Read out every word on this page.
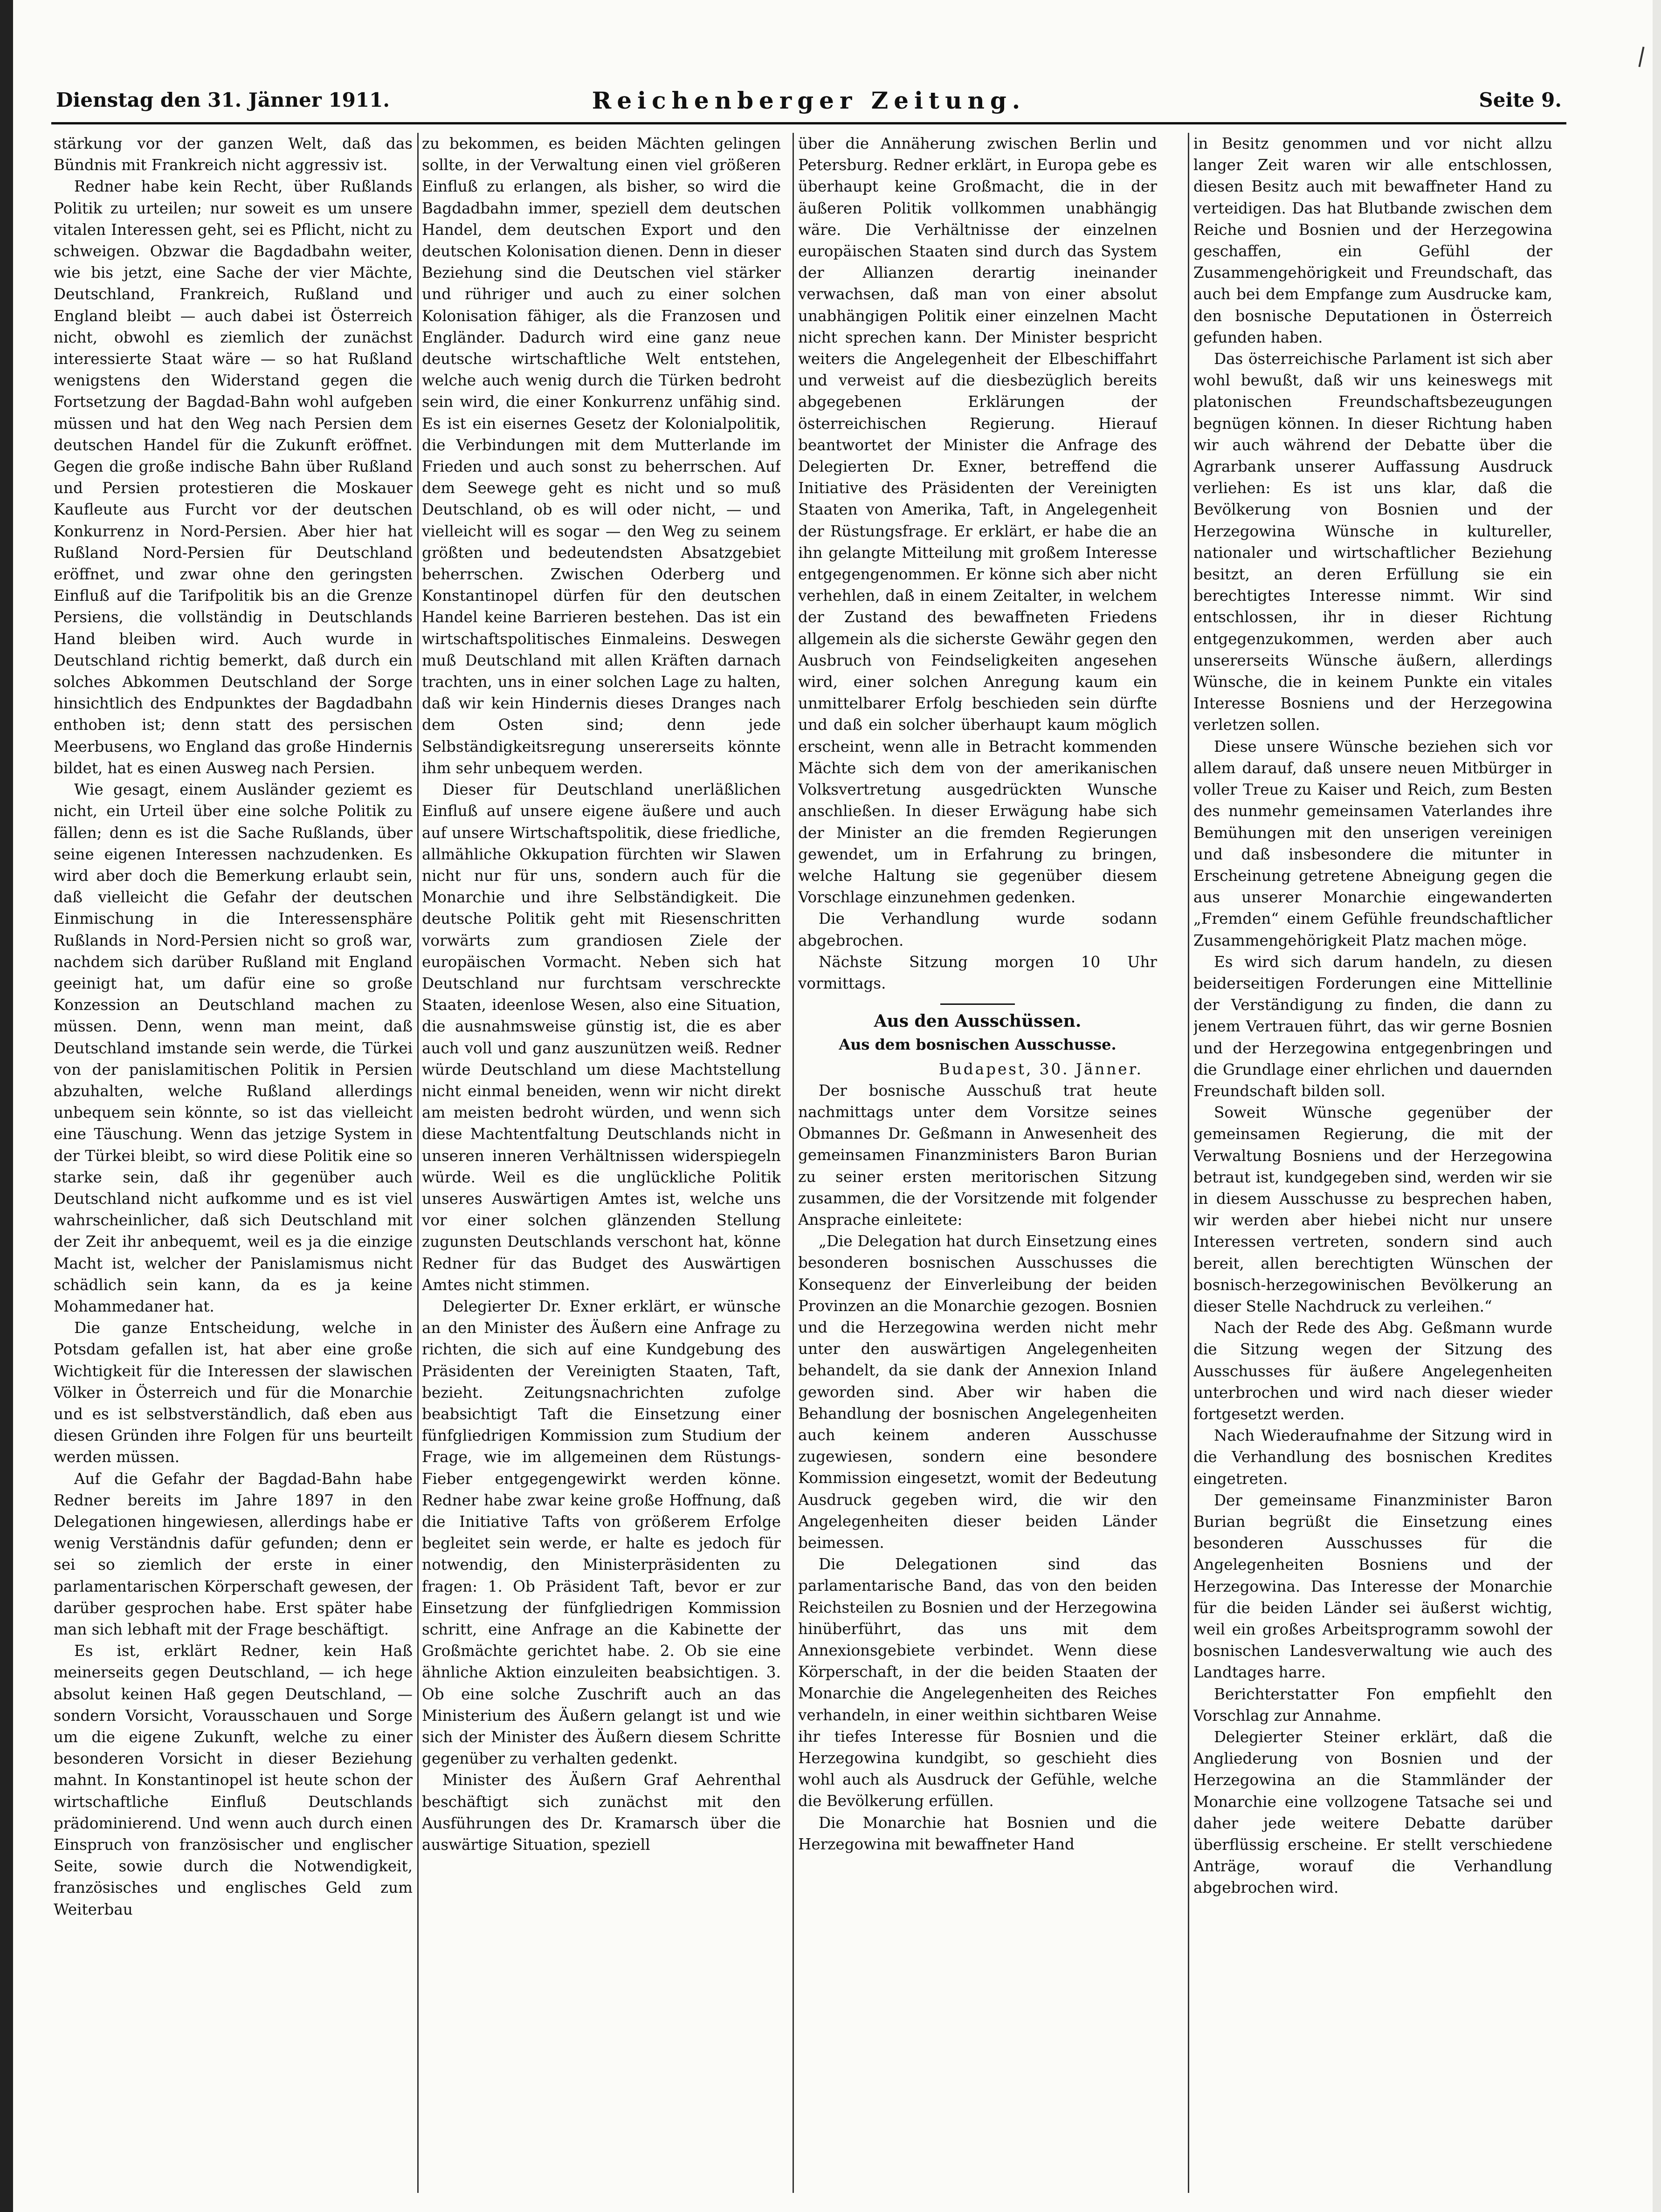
Dienstag den 31. Jänner 1911.	Reichenberger Zeitung.	Seite 9.

stärkung vor der ganzen Welt, daß das Bündnis mit Frankreich nicht aggressiv ist.

Redner habe kein Recht, über Rußlands Politik zu urteilen; nur soweit es um unsere vitalen Interessen geht, sei es Pflicht, nicht zu schweigen. Obzwar die Bagdadbahn weiter, wie bis jetzt, eine Sache der vier Mächte, Deutschland, Frankreich, Rußland und England bleibt — auch dabei ist Österreich nicht, obwohl es ziemlich der zunächst interessierte Staat wäre — so hat Rußland wenigstens den Widerstand gegen die Fortsetzung der Bagdad-Bahn wohl aufgeben müssen und hat den Weg nach Persien dem deutschen Handel für die Zukunft eröffnet. Gegen die große indische Bahn über Rußland und Persien protestieren die Moskauer Kaufleute aus Furcht vor der deutschen Konkurrenz in Nord-Persien. Aber hier hat Rußland Nord-Persien für Deutschland eröffnet, und zwar ohne den geringsten Einfluß auf die Tarifpolitik bis an die Grenze Persiens, die vollständig in Deutschlands Hand bleiben wird. Auch wurde in Deutschland richtig bemerkt, daß durch ein solches Abkommen Deutschland der Sorge hinsichtlich des Endpunktes der Bagdadbahn enthoben ist; denn statt des persischen Meerbusens, wo England das große Hindernis bildet, hat es einen Ausweg nach Persien.

Wie gesagt, einem Ausländer geziemt es nicht, ein Urteil über eine solche Politik zu fällen; denn es ist die Sache Rußlands, über seine eigenen Interessen nachzudenken. Es wird aber doch die Bemerkung erlaubt sein, daß vielleicht die Gefahr der deutschen Einmischung in die Interessensphäre Rußlands in Nord-Persien nicht so groß war, nachdem sich darüber Rußland mit England geeinigt hat, um dafür eine so große Konzession an Deutschland machen zu müssen. Denn, wenn man meint, daß Deutschland imstande sein werde, die Türkei von der panislamitischen Politik in Persien abzuhalten, welche Rußland allerdings unbequem sein könnte, so ist das vielleicht eine Täuschung. Wenn das jetzige System in der Türkei bleibt, so wird diese Politik eine so starke sein, daß ihr gegenüber auch Deutschland nicht aufkomme und es ist viel wahrscheinlicher, daß sich Deutschland mit der Zeit ihr anbequemt, weil es ja die einzige Macht ist, welcher der Panislamismus nicht schädlich sein kann, da es ja keine Mohammedaner hat.

Die ganze Entscheidung, welche in Potsdam gefallen ist, hat aber eine große Wichtigkeit für die Interessen der slawischen Völker in Österreich und für die Monarchie und es ist selbstverständlich, daß eben aus diesen Gründen ihre Folgen für uns beurteilt werden müssen.

Auf die Gefahr der Bagdad-Bahn habe Redner bereits im Jahre 1897 in den Delegationen hingewiesen, allerdings habe er wenig Verständnis dafür gefunden; denn er sei so ziemlich der erste in einer parlamentarischen Körperschaft gewesen, der darüber gesprochen habe. Erst später habe man sich lebhaft mit der Frage beschäftigt.

Es ist, erklärt Redner, kein Haß meinerseits gegen Deutschland, — ich hege absolut keinen Haß gegen Deutschland, — sondern Vorsicht, Vorausschauen und Sorge um die eigene Zukunft, welche zu einer besonderen Vorsicht in dieser Beziehung mahnt. In Konstantinopel ist heute schon der wirtschaftliche Einfluß Deutschlands prädominierend. Und wenn auch durch einen Einspruch von französischer und englischer Seite, sowie durch die Notwendigkeit, französisches und englisches Geld zum Weiterbau

zu bekommen, es beiden Mächten gelingen sollte, in der Verwaltung einen viel größeren Einfluß zu erlangen, als bisher, so wird die Bagdadbahn immer, speziell dem deutschen Handel, dem deutschen Export und den deutschen Kolonisation dienen. Denn in dieser Beziehung sind die Deutschen viel stärker und rühriger und auch zu einer solchen Kolonisation fähiger, als die Franzosen und Engländer. Dadurch wird eine ganz neue deutsche wirtschaftliche Welt entstehen, welche auch wenig durch die Türken bedroht sein wird, die einer Konkurrenz unfähig sind. Es ist ein eisernes Gesetz der Kolonialpolitik, die Verbindungen mit dem Mutterlande im Frieden und auch sonst zu beherrschen. Auf dem Seewege geht es nicht und so muß Deutschland, ob es will oder nicht, — und vielleicht will es sogar — den Weg zu seinem größten und bedeutendsten Absatzgebiet beherrschen. Zwischen Oderberg und Konstantinopel dürfen für den deutschen Handel keine Barrieren bestehen. Das ist ein wirtschaftspolitisches Einmaleins. Deswegen muß Deutschland mit allen Kräften darnach trachten, uns in einer solchen Lage zu halten, daß wir kein Hindernis dieses Dranges nach dem Osten sind; denn jede Selbständigkeitsregung unsererseits könnte ihm sehr unbequem werden.

Dieser für Deutschland unerläßlichen Einfluß auf unsere eigene äußere und auch auf unsere Wirtschaftspolitik, diese friedliche, allmähliche Okkupation fürchten wir Slawen nicht nur für uns, sondern auch für die Monarchie und ihre Selbständigkeit. Die deutsche Politik geht mit Riesenschritten vorwärts zum grandiosen Ziele der europäischen Vormacht. Neben sich hat Deutschland nur furchtsam verschreckte Staaten, ideenlose Wesen, also eine Situation, die ausnahmsweise günstig ist, die es aber auch voll und ganz auszunützen weiß. Redner würde Deutschland um diese Machtstellung nicht einmal beneiden, wenn wir nicht direkt am meisten bedroht würden, und wenn sich diese Machtentfaltung Deutschlands nicht in unseren inneren Verhältnissen widerspiegeln würde. Weil es die unglückliche Politik unseres Auswärtigen Amtes ist, welche uns vor einer solchen glänzenden Stellung zugunsten Deutschlands verschont hat, könne Redner für das Budget des Auswärtigen Amtes nicht stimmen.

Delegierter Dr. Exner erklärt, er wünsche an den Minister des Äußern eine Anfrage zu richten, die sich auf eine Kundgebung des Präsidenten der Vereinigten Staaten, Taft, bezieht. Zeitungsnachrichten zufolge beabsichtigt Taft die Einsetzung einer fünfgliedrigen Kommission zum Studium der Frage, wie im allgemeinen dem Rüstungs-Fieber entgegengewirkt werden könne. Redner habe zwar keine große Hoffnung, daß die Initiative Tafts von größerem Erfolge begleitet sein werde, er halte es jedoch für notwendig, den Ministerpräsidenten zu fragen: 1. Ob Präsident Taft, bevor er zur Einsetzung der fünfgliedrigen Kommission schritt, eine Anfrage an die Kabinette der Großmächte gerichtet habe. 2. Ob sie eine ähnliche Aktion einzuleiten beabsichtigen. 3. Ob eine solche Zuschrift auch an das Ministerium des Äußern gelangt ist und wie sich der Minister des Äußern diesem Schritte gegenüber zu verhalten gedenkt.

Minister des Äußern Graf Aehrenthal beschäftigt sich zunächst mit den Ausführungen des Dr. Kramarsch über die auswärtige Situation, speziell

über die Annäherung zwischen Berlin und Petersburg. Redner erklärt, in Europa gebe es überhaupt keine Großmacht, die in der äußeren Politik vollkommen unabhängig wäre. Die Verhältnisse der einzelnen europäischen Staaten sind durch das System der Allianzen derartig ineinander verwachsen, daß man von einer absolut unabhängigen Politik einer einzelnen Macht nicht sprechen kann. Der Minister bespricht weiters die Angelegenheit der Elbeschiffahrt und verweist auf die diesbezüglich bereits abgegebenen Erklärungen der österreichischen Regierung. Hierauf beantwortet der Minister die Anfrage des Delegierten Dr. Exner, betreffend die Initiative des Präsidenten der Vereinigten Staaten von Amerika, Taft, in Angelegenheit der Rüstungsfrage. Er erklärt, er habe die an ihn gelangte Mitteilung mit großem Interesse entgegengenommen. Er könne sich aber nicht verhehlen, daß in einem Zeitalter, in welchem der Zustand des bewaffneten Friedens allgemein als die sicherste Gewähr gegen den Ausbruch von Feindseligkeiten angesehen wird, einer solchen Anregung kaum ein unmittelbarer Erfolg beschieden sein dürfte und daß ein solcher überhaupt kaum möglich erscheint, wenn alle in Betracht kommenden Mächte sich dem von der amerikanischen Volksvertretung ausgedrückten Wunsche anschließen. In dieser Erwägung habe sich der Minister an die fremden Regierungen gewendet, um in Erfahrung zu bringen, welche Haltung sie gegenüber diesem Vorschlage einzunehmen gedenken.

Die Verhandlung wurde sodann abgebrochen.

Nächste Sitzung morgen 10 Uhr vormittags.

Aus den Ausschüssen.
Aus dem bosnischen Ausschusse.
Budapest, 30. Jänner.

Der bosnische Ausschuß trat heute nachmittags unter dem Vorsitze seines Obmannes Dr. Geßmann in Anwesenheit des gemeinsamen Finanzministers Baron Burian zu seiner ersten meritorischen Sitzung zusammen, die der Vorsitzende mit folgender Ansprache einleitete:

„Die Delegation hat durch Einsetzung eines besonderen bosnischen Ausschusses die Konsequenz der Einverleibung der beiden Provinzen an die Monarchie gezogen. Bosnien und die Herzegowina werden nicht mehr unter den auswärtigen Angelegenheiten behandelt, da sie dank der Annexion Inland geworden sind. Aber wir haben die Behandlung der bosnischen Angelegenheiten auch keinem anderen Ausschusse zugewiesen, sondern eine besondere Kommission eingesetzt, womit der Bedeutung Ausdruck gegeben wird, die wir den Angelegenheiten dieser beiden Länder beimessen.

Die Delegationen sind das parlamentarische Band, das von den beiden Reichsteilen zu Bosnien und der Herzegowina hinüberführt, das uns mit dem Annexionsgebiete verbindet. Wenn diese Körperschaft, in der die beiden Staaten der Monarchie die Angelegenheiten des Reiches verhandeln, in einer weithin sichtbaren Weise ihr tiefes Interesse für Bosnien und die Herzegowina kundgibt, so geschieht dies wohl auch als Ausdruck der Gefühle, welche die Bevölkerung erfüllen.

Die Monarchie hat Bosnien und die Herzegowina mit bewaffneter Hand

in Besitz genommen und vor nicht allzu langer Zeit waren wir alle entschlossen, diesen Besitz auch mit bewaffneter Hand zu verteidigen. Das hat Blutbande zwischen dem Reiche und Bosnien und der Herzegowina geschaffen, ein Gefühl der Zusammengehörigkeit und Freundschaft, das auch bei dem Empfange zum Ausdrucke kam, den bosnische Deputationen in Österreich gefunden haben.

Das österreichische Parlament ist sich aber wohl bewußt, daß wir uns keineswegs mit platonischen Freundschaftsbezeugungen begnügen können. In dieser Richtung haben wir auch während der Debatte über die Agrarbank unserer Auffassung Ausdruck verliehen: Es ist uns klar, daß die Bevölkerung von Bosnien und der Herzegowina Wünsche in kultureller, nationaler und wirtschaftlicher Beziehung besitzt, an deren Erfüllung sie ein berechtigtes Interesse nimmt. Wir sind entschlossen, ihr in dieser Richtung entgegenzukommen, werden aber auch unsererseits Wünsche äußern, allerdings Wünsche, die in keinem Punkte ein vitales Interesse Bosniens und der Herzegowina verletzen sollen.

Diese unsere Wünsche beziehen sich vor allem darauf, daß unsere neuen Mitbürger in voller Treue zu Kaiser und Reich, zum Besten des nunmehr gemeinsamen Vaterlandes ihre Bemühungen mit den unserigen vereinigen und daß insbesondere die mitunter in Erscheinung getretene Abneigung gegen die aus unserer Monarchie eingewanderten „Fremden“ einem Gefühle freundschaftlicher Zusammengehörigkeit Platz machen möge.

Es wird sich darum handeln, zu diesen beiderseitigen Forderungen eine Mittellinie der Verständigung zu finden, die dann zu jenem Vertrauen führt, das wir gerne Bosnien und der Herzegowina entgegenbringen und die Grundlage einer ehrlichen und dauernden Freundschaft bilden soll.

Soweit Wünsche gegenüber der gemeinsamen Regierung, die mit der Verwaltung Bosniens und der Herzegowina betraut ist, kundgegeben sind, werden wir sie in diesem Ausschusse zu besprechen haben, wir werden aber hiebei nicht nur unsere Interessen vertreten, sondern sind auch bereit, allen berechtigten Wünschen der bosnisch-herzegowinischen Bevölkerung an dieser Stelle Nachdruck zu verleihen.“

Nach der Rede des Abg. Geßmann wurde die Sitzung wegen der Sitzung des Ausschusses für äußere Angelegenheiten unterbrochen und wird nach dieser wieder fortgesetzt werden.

Nach Wiederaufnahme der Sitzung wird in die Verhandlung des bosnischen Kredites eingetreten.

Der gemeinsame Finanzminister Baron Burian begrüßt die Einsetzung eines besonderen Ausschusses für die Angelegenheiten Bosniens und der Herzegowina. Das Interesse der Monarchie für die beiden Länder sei äußerst wichtig, weil ein großes Arbeitsprogramm sowohl der bosnischen Landesverwaltung wie auch des Landtages harre.

Berichterstatter Fon empfiehlt den Vorschlag zur Annahme.

Delegierter Steiner erklärt, daß die Angliederung von Bosnien und der Herzegowina an die Stammländer der Monarchie eine vollzogene Tatsache sei und daher jede weitere Debatte darüber überflüssig erscheine. Er stellt verschiedene Anträge, worauf die Verhandlung abgebrochen wird.
